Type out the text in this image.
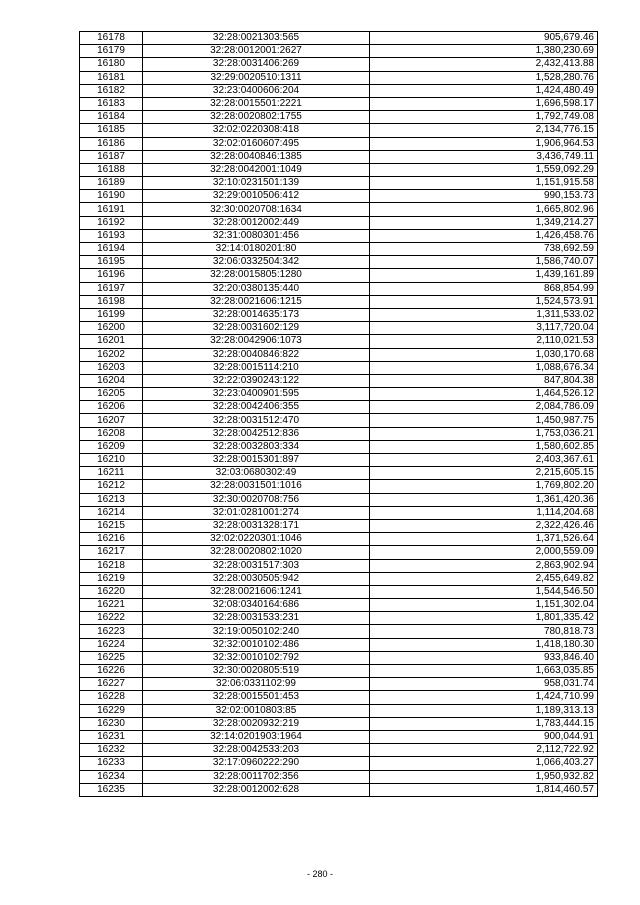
16178	32:28:0021303:565	905,679.46
16179	32:28:0012001:2627	1,380,230.69
16180	32:28:0031406:269	2,432,413.88
16181	32:29:0020510:1311	1,528,280.76
16182	32:23:0400606:204	1,424,480.49
16183	32:28:0015501:2221	1,696,598.17
16184	32:28:0020802:1755	1,792,749.08
16185	32:02:0220308:418	2,134,776.15
16186	32:02:0160607:495	1,906,964.53
16187	32:28:0040846:1385	3,436,749.11
16188	32:28:0042001:1049	1,559,092.29
16189	32:10:0231501:139	1,151,915.58
16190	32:29:0010506:412	990,153.73
16191	32:30:0020708:1634	1,665,802.96
16192	32:28:0012002:449	1,349,214.27
16193	32:31:0080301:456	1,426,458.76
16194	32:14:0180201:80	738,692.59
16195	32:06:0332504:342	1,586,740.07
16196	32:28:0015805:1280	1,439,161.89
16197	32:20:0380135:440	868,854.99
16198	32:28:0021606:1215	1,524,573.91
16199	32:28:0014635:173	1,311,533.02
16200	32:28:0031602:129	3,117,720.04
16201	32:28:0042906:1073	2,110,021.53
16202	32:28:0040846:822	1,030,170.68
16203	32:28:0015114:210	1,088,676.34
16204	32:22:0390243:122	847,804.38
16205	32:23:0400901:595	1,464,526.12
16206	32:28:0042406:355	2,084,786.09
16207	32:28:0031512:470	1,450,987.75
16208	32:28:0042512:836	1,753,036.21
16209	32:28:0032803:334	1,580,602.85
16210	32:28:0015301:897	2,403,367.61
16211	32:03:0680302:49	2,215,605.15
16212	32:28:0031501:1016	1,769,802.20
16213	32:30:0020708:756	1,361,420.36
16214	32:01:0281001:274	1,114,204.68
16215	32:28:0031328:171	2,322,426.46
16216	32:02:0220301:1046	1,371,526.64
16217	32:28:0020802:1020	2,000,559.09
16218	32:28:0031517:303	2,863,902.94
16219	32:28:0030505:942	2,455,649.82
16220	32:28:0021606:1241	1,544,546.50
16221	32:08:0340164:686	1,151,302.04
16222	32:28:0031533:231	1,801,335.42
16223	32:19:0050102:240	780,818.73
16224	32:32:0010102:486	1,418,180.30
16225	32:32:0010102:792	933,846.40
16226	32:30:0020805:519	1,663,035.85
16227	32:06:0331102:99	958,031.74
16228	32:28:0015501:453	1,424,710.99
16229	32:02:0010803:85	1,189,313.13
16230	32:28:0020932:219	1,783,444.15
16231	32:14:0201903:1964	900,044.91
16232	32:28:0042533:203	2,112,722.92
16233	32:17:0960222:290	1,066,403.27
16234	32:28:0011702:356	1,950,932.82
16235	32:28:0012002:628	1,814,460.57
- 280 -
